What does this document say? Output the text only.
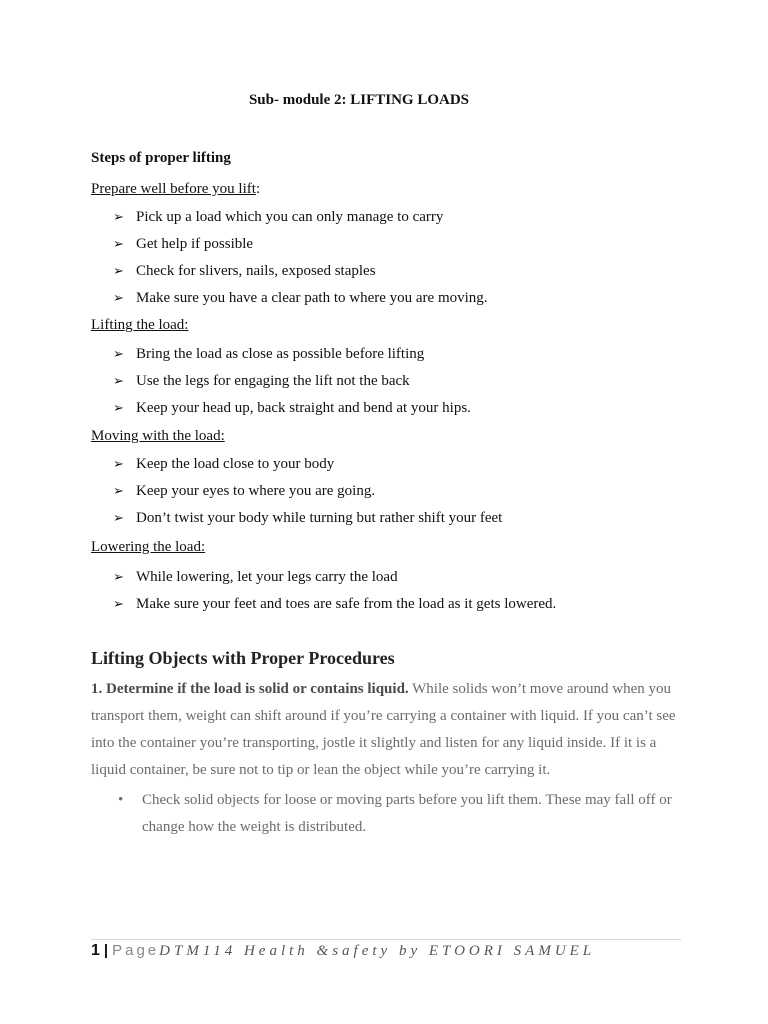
Sub- module 2: LIFTING LOADS
Steps of proper lifting
Prepare well before you lift:
➢ Pick up a load which you can only manage to carry
➢ Get help if possible
➢ Check for slivers, nails, exposed staples
➢ Make sure you have a clear path to where you are moving.
Lifting the load:
➢ Bring the load as close as possible before lifting
➢ Use the legs for engaging the lift not the back
➢ Keep your head up, back straight and bend at your hips.
Moving with the load:
➢ Keep the load close to your body
➢ Keep your eyes to where you are going.
➢ Don’t twist your body while turning but rather shift your feet
Lowering the load:
➢ While lowering, let your legs carry the load
➢ Make sure your feet and toes are safe from the load as it gets lowered.
Lifting Objects with Proper Procedures
1. Determine if the load is solid or contains liquid. While solids won’t move around when you transport them, weight can shift around if you’re carrying a container with liquid. If you can’t see into the container you’re transporting, jostle it slightly and listen for any liquid inside. If it is a liquid container, be sure not to tip or lean the object while you’re carrying it.
• Check solid objects for loose or moving parts before you lift them. These may fall off or change how the weight is distributed.
1 | PageDTM114 Health &safety by ETOORI SAMUEL
